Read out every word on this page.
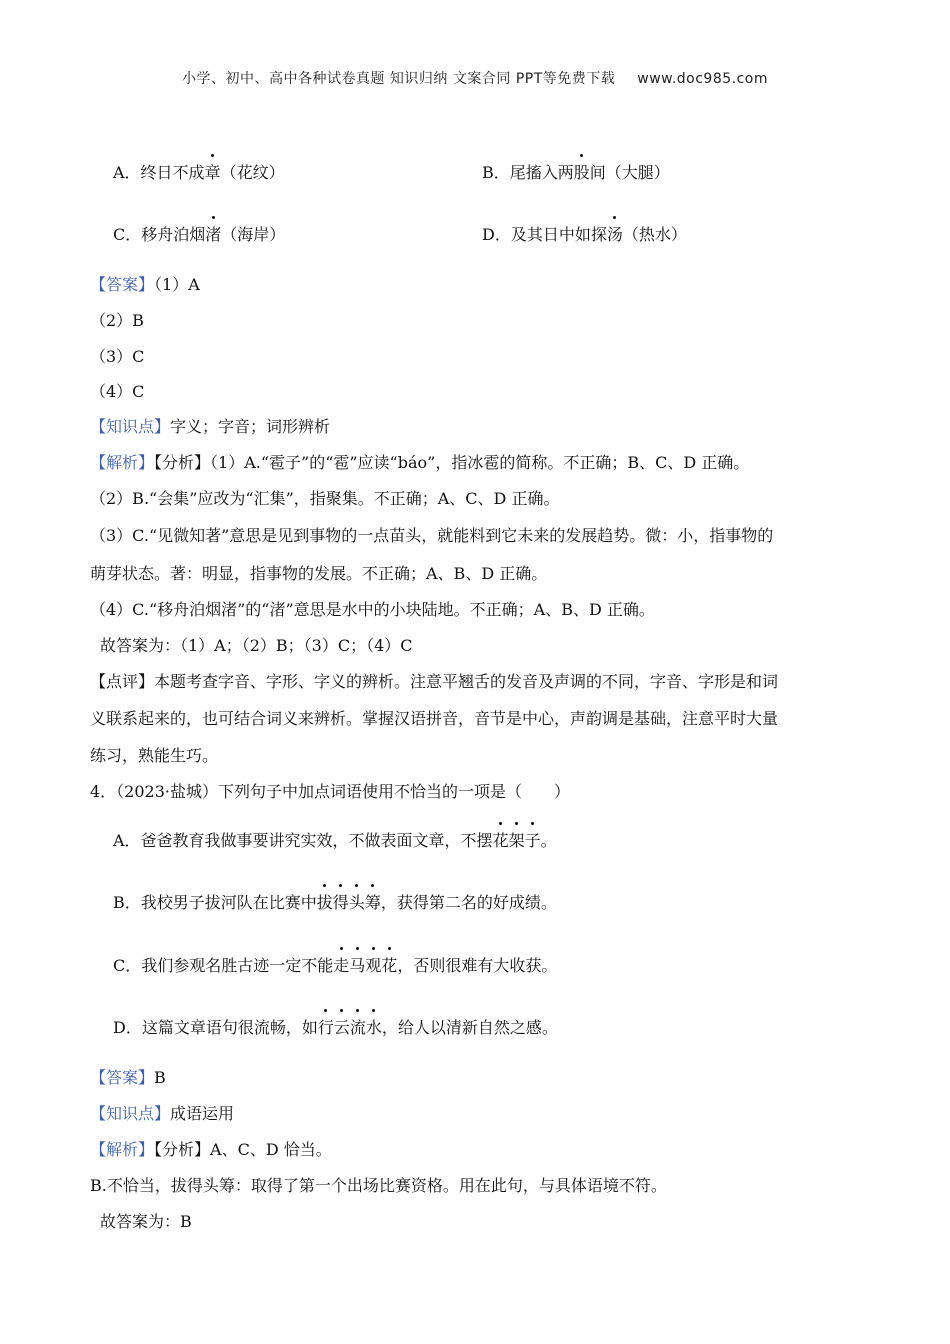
小学、初中、高中各种试卷真题 知识归纳 文案合同 PPT等免费下载 www.doc985.com
A．终日不成章（花纹）	B．尾搐入两股间（大腿）
C．移舟泊烟渚（海岸）	D．及其日中如探汤（热水）
【答案】（1）A
（2）B
（3）C
（4）C
【知识点】字义；字音；词形辨析
【解析】【分析】（1）A.“雹子”的“雹”应读“báo”，指冰雹的简称。不正确；B、C、D 正确。
（2）B.“会集”应改为“汇集”，指聚集。不正确；A、C、D 正确。
（3）C.“见微知著”意思是见到事物的一点苗头，就能料到它未来的发展趋势。微：小，指事物的
萌芽状态。著：明显，指事物的发展。不正确；A、B、D 正确。
（4）C.“移舟泊烟渚”的“渚”意思是水中的小块陆地。不正确；A、B、D 正确。
故答案为：（1）A；（2）B；（3）C；（4）C
【点评】本题考查字音、字形、字义的辨析。注意平翘舌的发音及声调的不同，字音、字形是和词
义联系起来的，也可结合词义来辨析。掌握汉语拼音，音节是中心，声韵调是基础，注意平时大量
练习，熟能生巧。
4．（2023·盐城）下列句子中加点词语使用不恰当的一项是（　　）
A．爸爸教育我做事要讲究实效，不做表面文章，不摆花架子。
B．我校男子拔河队在比赛中拔得头筹，获得第二名的好成绩。
C．我们参观名胜古迹一定不能走马观花，否则很难有大收获。
D．这篇文章语句很流畅，如行云流水，给人以清新自然之感。
【答案】B
【知识点】成语运用
【解析】【分析】A、C、D 恰当。
B.不恰当，拔得头筹：取得了第一个出场比赛资格。用在此句，与具体语境不符。
故答案为：B
